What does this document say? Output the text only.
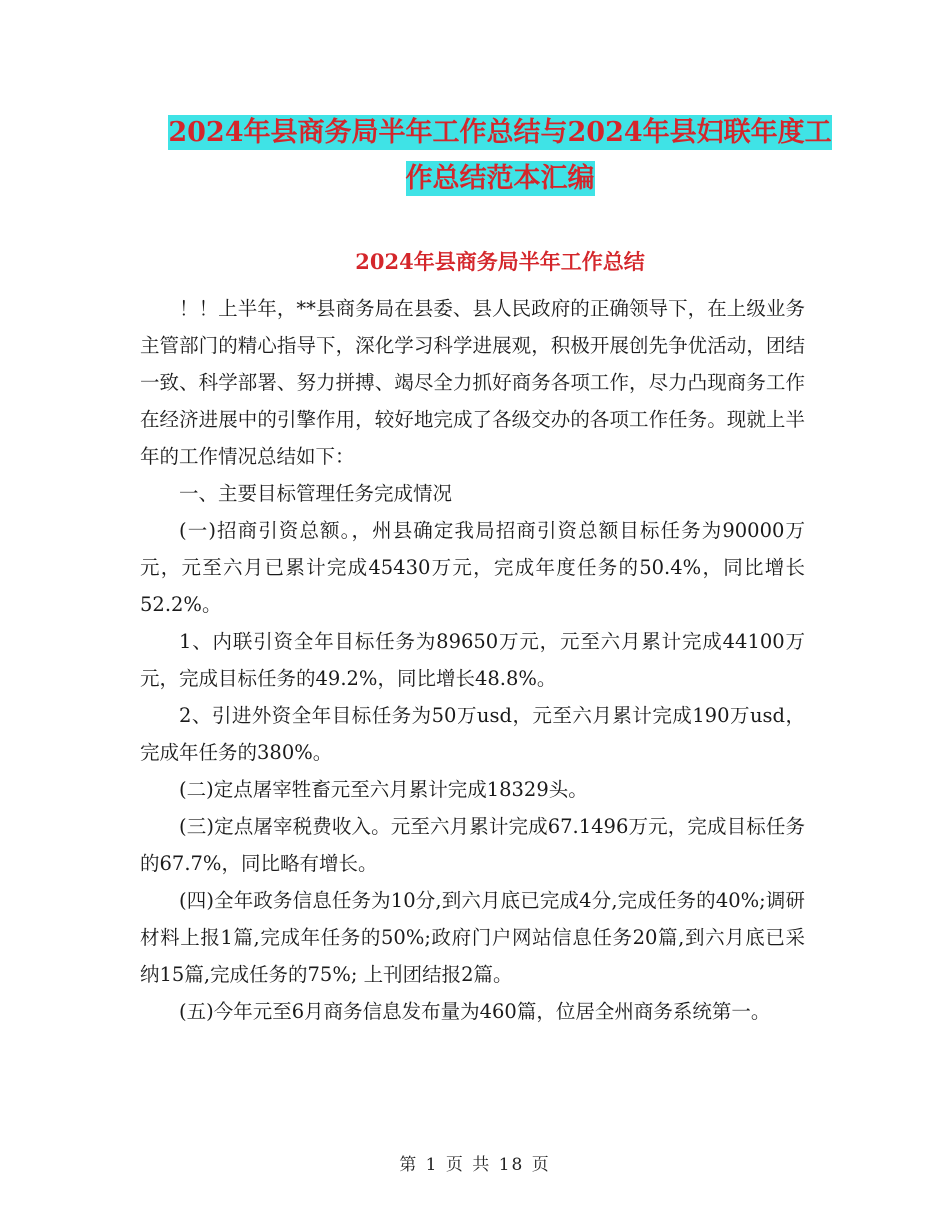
2024年县商务局半年工作总结与2024年县妇联年度工
作总结范本汇编
2024年县商务局半年工作总结

！！上半年，**县商务局在县委、县人民政府的正确领导下，在上级业务主管部门的精心指导下，深化学习科学进展观，积极开展创先争优活动，团结一致、科学部署、努力拼搏、竭尽全力抓好商务各项工作，尽力凸现商务工作在经济进展中的引擎作用，较好地完成了各级交办的各项工作任务。现就上半年的工作情况总结如下：

一、主要目标管理任务完成情况

(一)招商引资总额。，州县确定我局招商引资总额目标任务为90000万元，元至六月已累计完成45430万元，完成年度任务的50.4%，同比增长52.2%。

1、内联引资全年目标任务为89650万元，元至六月累计完成44100万元，完成目标任务的49.2%，同比增长48.8%。

2、引进外资全年目标任务为50万usd，元至六月累计完成190万usd，完成年任务的380%。

(二)定点屠宰牲畜元至六月累计完成18329头。

(三)定点屠宰税费收入。元至六月累计完成67.1496万元，完成目标任务的67.7%，同比略有增长。

(四)全年政务信息任务为10分,到六月底已完成4分,完成任务的40%;调研材料上报1篇,完成年任务的50%;政府门户网站信息任务20篇,到六月底已采纳15篇,完成任务的75%; 上刊团结报2篇。

(五)今年元至6月商务信息发布量为460篇，位居全州商务系统第一。

第 1 页 共 18 页
